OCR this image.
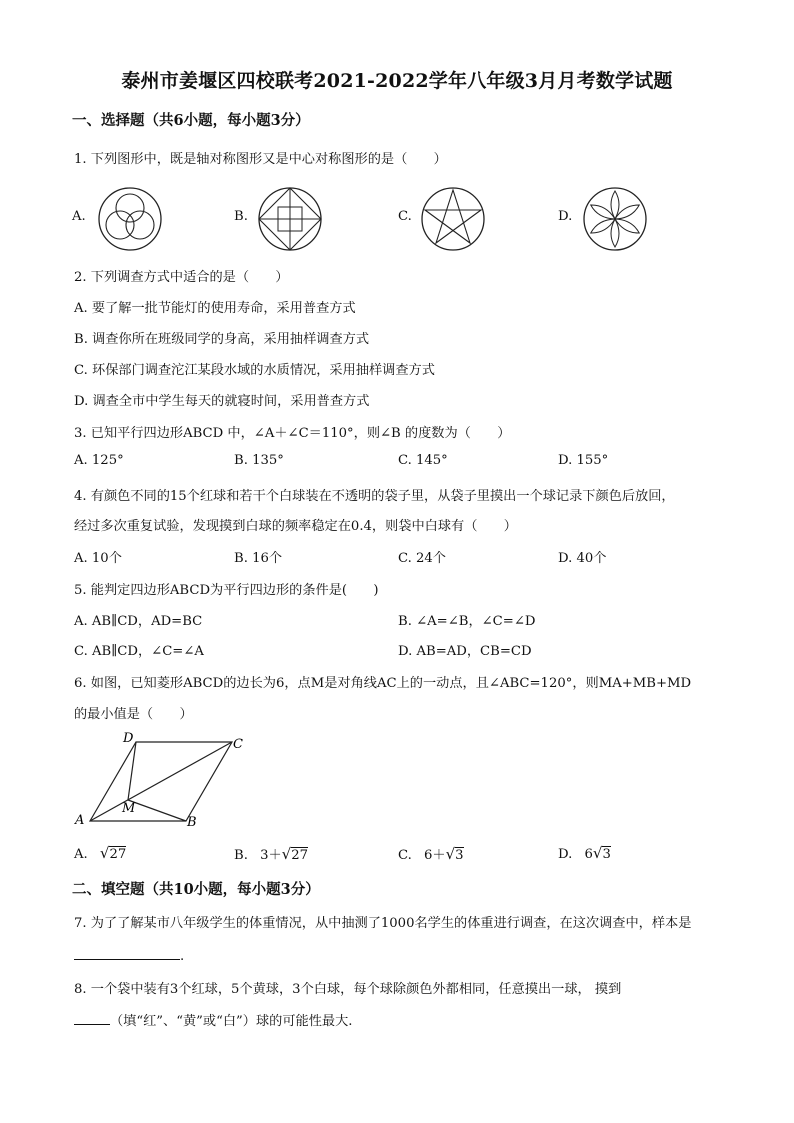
泰州市姜堰区四校联考2021-2022学年八年级3月月考数学试题
一、选择题（共6小题，每小题3分）
1. 下列图形中，既是轴对称图形又是中心对称图形的是（　　）
A.	B.	C.	D.
2. 下列调查方式中适合的是（　　）
A. 要了解一批节能灯的使用寿命，采用普查方式
B. 调查你所在班级同学的身高，采用抽样调查方式
C. 环保部门调查沱江某段水域的水质情况，采用抽样调查方式
D. 调查全市中学生每天的就寝时间，采用普查方式
3. 已知平行四边形ABCD 中，∠A＋∠C＝110°，则∠B 的度数为（　　）
A. 125°	B. 135°	C. 145°	D. 155°
4. 有颜色不同的15个红球和若干个白球装在不透明的袋子里，从袋子里摸出一个球记录下颜色后放回，
经过多次重复试验，发现摸到白球的频率稳定在0.4，则袋中白球有（　　）
A. 10个	B. 16个	C. 24个	D. 40个
5. 能判定四边形ABCD为平行四边形的条件是(　　)
A. AB∥CD，AD=BC	B. ∠A=∠B，∠C=∠D
C. AB∥CD，∠C=∠A	D. AB=AD，CB=CD
6. 如图，已知菱形ABCD的边长为6，点M是对角线AC上的一动点，且∠ABC=120°，则MA+MB+MD
的最小值是（　　）
A	B
C
D
M
A. √27	B. 3＋√27	C. 6＋√3	D. 6√3
二、填空题（共10小题，每小题3分）
7. 为了了解某市八年级学生的体重情况，从中抽测了1000名学生的体重进行调查，在这次调查中，样本是
.
8. 一个袋中装有3个红球，5个黄球，3个白球，每个球除颜色外都相同，任意摸出一球， 摸到
（填“红”、“黄”或“白”）球的可能性最大.
